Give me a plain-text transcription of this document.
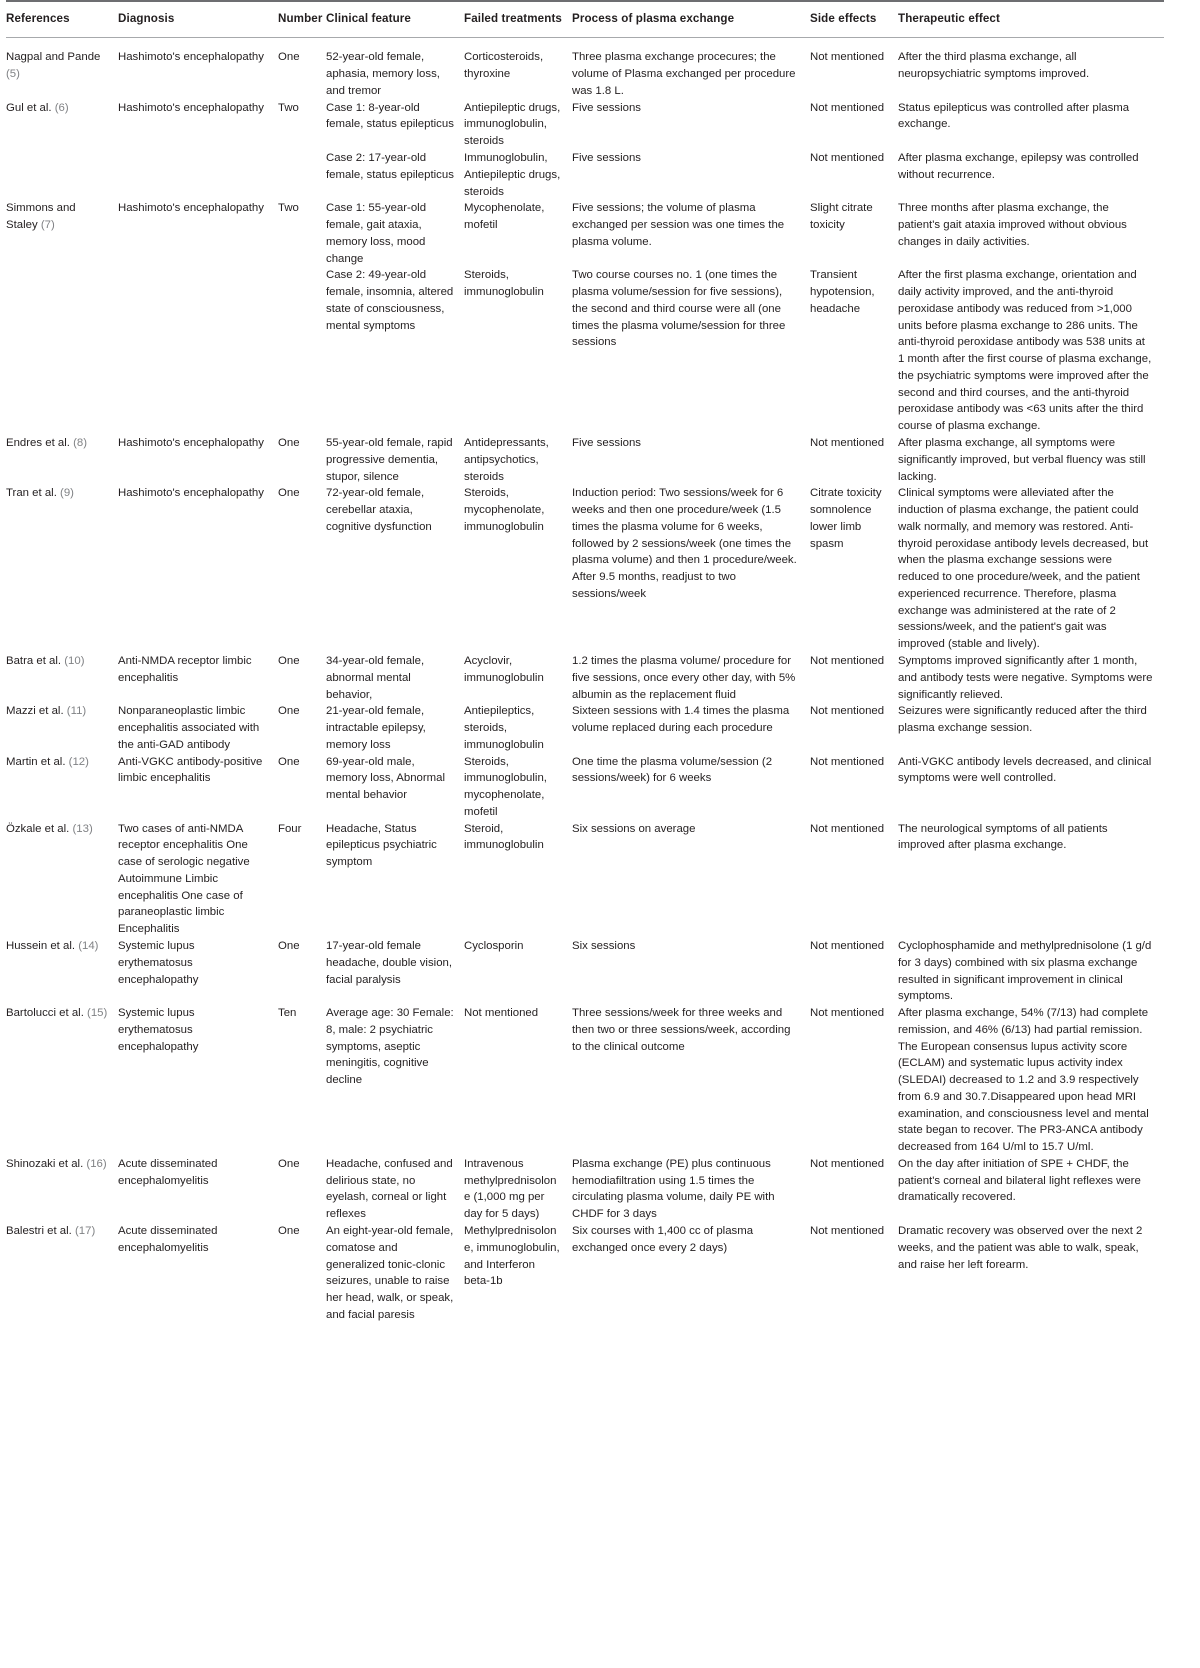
References	Diagnosis	Number	Clinical feature	Failed treatments	Process of plasma exchange	Side effects	Therapeutic effect

Nagpal and Pande (5)	Hashimoto's encephalopathy	One	52-year-old female, aphasia, memory loss, and tremor	Corticosteroids, thyroxine	Three plasma exchange procecures; the volume of Plasma exchanged per procedure was 1.8 L.	Not mentioned	After the third plasma exchange, all neuropsychiatric symptoms improved.
Gul et al. (6)	Hashimoto's encephalopathy	Two	Case 1: 8-year-old female, status epilepticus	Antiepileptic drugs, immunoglobulin, steroids	Five sessions	Not mentioned	Status epilepticus was controlled after plasma exchange.
			Case 2: 17-year-old female, status epilepticus	Immunoglobulin, Antiepileptic drugs, steroids	Five sessions	Not mentioned	After plasma exchange, epilepsy was controlled without recurrence.
Simmons and Staley (7)	Hashimoto's encephalopathy	Two	Case 1: 55-year-old female, gait ataxia, memory loss, mood change	Mycophenolate, mofetil	Five sessions; the volume of plasma exchanged per session was one times the plasma volume.	Slight citrate toxicity	Three months after plasma exchange, the patient's gait ataxia improved without obvious changes in daily activities.
			Case 2: 49-year-old female, insomnia, altered state of consciousness, mental symptoms	Steroids, immunoglobulin	Two course courses no. 1 (one times the plasma volume/session for five sessions), the second and third course were all (one times the plasma volume/session for three sessions	Transient hypotension, headache	After the first plasma exchange, orientation and daily activity improved, and the anti-thyroid peroxidase antibody was reduced from >1,000 units before plasma exchange to 286 units. The anti-thyroid peroxidase antibody was 538 units at 1 month after the first course of plasma exchange, the psychiatric symptoms were improved after the second and third courses, and the anti-thyroid peroxidase antibody was <63 units after the third course of plasma exchange.
Endres et al. (8)	Hashimoto's encephalopathy	One	55-year-old female, rapid progressive dementia, stupor, silence	Antidepressants, antipsychotics, steroids	Five sessions	Not mentioned	After plasma exchange, all symptoms were significantly improved, but verbal fluency was still lacking.
Tran et al. (9)	Hashimoto's encephalopathy	One	72-year-old female, cerebellar ataxia, cognitive dysfunction	Steroids, mycophenolate, immunoglobulin	Induction period: Two sessions/week for 6 weeks and then one procedure/week (1.5 times the plasma volume for 6 weeks, followed by 2 sessions/week (one times the plasma volume) and then 1 procedure/week. After 9.5 months, readjust to two sessions/week	Citrate toxicity somnolence lower limb spasm	Clinical symptoms were alleviated after the induction of plasma exchange, the patient could walk normally, and memory was restored. Anti-thyroid peroxidase antibody levels decreased, but when the plasma exchange sessions were reduced to one procedure/week, and the patient experienced recurrence. Therefore, plasma exchange was administered at the rate of 2 sessions/week, and the patient's gait was improved (stable and lively).
Batra et al. (10)	Anti-NMDA receptor limbic encephalitis	One	34-year-old female, abnormal mental behavior,	Acyclovir, immunoglobulin	1.2 times the plasma volume/ procedure for five sessions, once every other day, with 5% albumin as the replacement fluid	Not mentioned	Symptoms improved significantly after 1 month, and antibody tests were negative. Symptoms were significantly relieved.
Mazzi et al. (11)	Nonparaneoplastic limbic encephalitis associated with the anti-GAD antibody	One	21-year-old female, intractable epilepsy, memory loss	Antiepileptics, steroids, immunoglobulin	Sixteen sessions with 1.4 times the plasma volume replaced during each procedure	Not mentioned	Seizures were significantly reduced after the third plasma exchange session.
Martin et al. (12)	Anti-VGKC antibody-positive limbic encephalitis	One	69-year-old male, memory loss, Abnormal mental behavior	Steroids, immunoglobulin, mycophenolate, mofetil	One time the plasma volume/session (2 sessions/week) for 6 weeks	Not mentioned	Anti-VGKC antibody levels decreased, and clinical symptoms were well controlled.
Özkale et al. (13)	Two cases of anti-NMDA receptor encephalitis One case of serologic negative Autoimmune Limbic encephalitis One case of paraneoplastic limbic Encephalitis	Four	Headache, Status epilepticus psychiatric symptom	Steroid, immunoglobulin	Six sessions on average	Not mentioned	The neurological symptoms of all patients improved after plasma exchange.
Hussein et al. (14)	Systemic lupus erythematosus encephalopathy	One	17-year-old female headache, double vision, facial paralysis	Cyclosporin	Six sessions	Not mentioned	Cyclophosphamide and methylprednisolone (1 g/d for 3 days) combined with six plasma exchange resulted in significant improvement in clinical symptoms.
Bartolucci et al. (15)	Systemic lupus erythematosus encephalopathy	Ten	Average age: 30 Female: 8, male: 2 psychiatric symptoms, aseptic meningitis, cognitive decline	Not mentioned	Three sessions/week for three weeks and then two or three sessions/week, according to the clinical outcome	Not mentioned	After plasma exchange, 54% (7/13) had complete remission, and 46% (6/13) had partial remission. The European consensus lupus activity score (ECLAM) and systematic lupus activity index (SLEDAI) decreased to 1.2 and 3.9 respectively from 6.9 and 30.7.Disappeared upon head MRI examination, and consciousness level and mental state began to recover. The PR3-ANCA antibody decreased from 164 U/ml to 15.7 U/ml.
Shinozaki et al. (16)	Acute disseminated encephalomyelitis	One	Headache, confused and delirious state, no eyelash, corneal or light reflexes	Intravenous methylprednisolone (1,000 mg per day for 5 days)	Plasma exchange (PE) plus continuous hemodiafiltration using 1.5 times the circulating plasma volume, daily PE with CHDF for 3 days	Not mentioned	On the day after initiation of SPE + CHDF, the patient's corneal and bilateral light reflexes were dramatically recovered.
Balestri et al. (17)	Acute disseminated encephalomyelitis	One	An eight-year-old female, comatose and generalized tonic-clonic seizures, unable to raise her head, walk, or speak, and facial paresis	Methylprednisolone, immunoglobulin, and Interferon beta-1b	Six courses with 1,400 cc of plasma exchanged once every 2 days)	Not mentioned	Dramatic recovery was observed over the next 2 weeks, and the patient was able to walk, speak, and raise her left forearm.
